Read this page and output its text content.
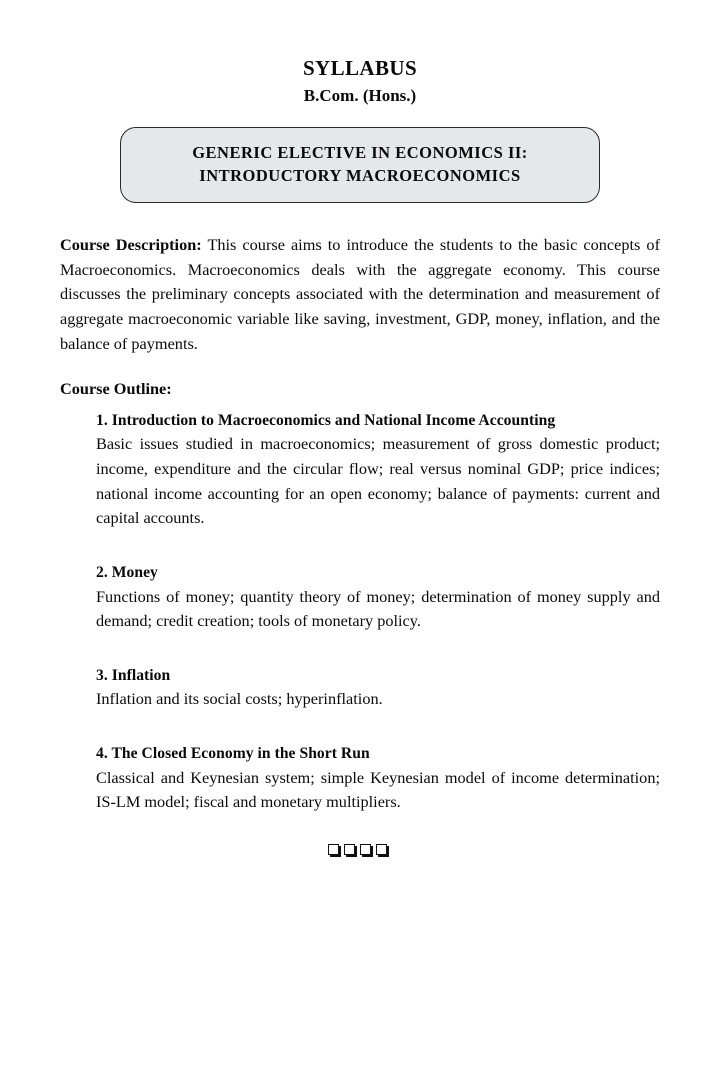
SYLLABUS
B.Com. (Hons.)
GENERIC ELECTIVE IN ECONOMICS II:
INTRODUCTORY MACROECONOMICS

Course Description: This course aims to introduce the students to the basic concepts of Macroeconomics. Macroeconomics deals with the aggregate economy. This course discusses the preliminary concepts associated with the determination and measurement of aggregate macroeconomic variable like saving, investment, GDP, money, inflation, and the balance of payments.

Course Outline:

1. Introduction to Macroeconomics and National Income Accounting

Basic issues studied in macroeconomics; measurement of gross domestic product; income, expenditure and the circular flow; real versus nominal GDP; price indices; national income accounting for an open economy; balance of payments: current and capital accounts.

2. Money

Functions of money; quantity theory of money; determination of money supply and demand; credit creation; tools of monetary policy.

3. Inflation

Inflation and its social costs; hyperinflation.

4. The Closed Economy in the Short Run

Classical and Keynesian system; simple Keynesian model of income determination; IS-LM model; fiscal and monetary multipliers.
